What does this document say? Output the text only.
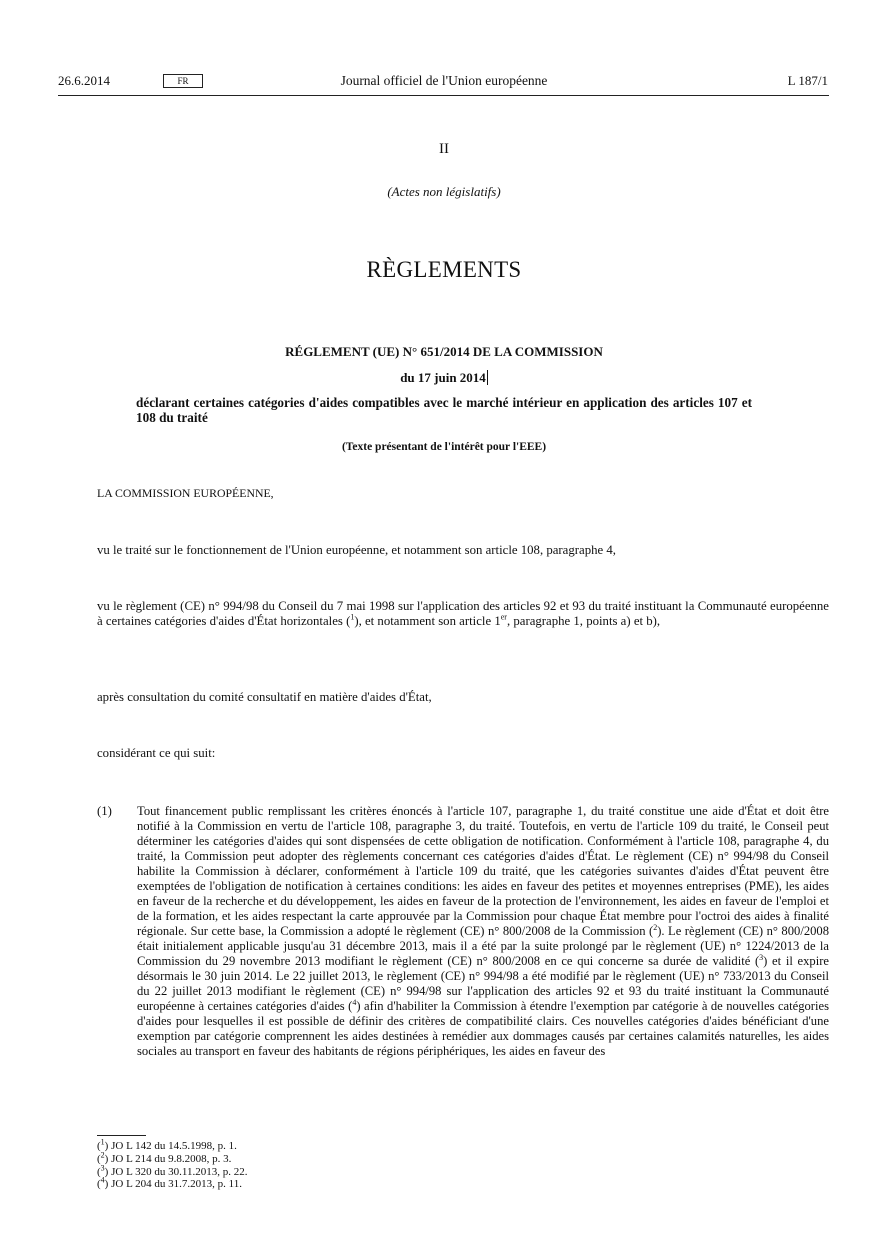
26.6.2014	FR	Journal officiel de l'Union européenne	L 187/1
II
(Actes non législatifs)
RÈGLEMENTS
RÉGLEMENT (UE) N° 651/2014 DE LA COMMISSION
du 17 juin 2014
déclarant certaines catégories d'aides compatibles avec le marché intérieur en application des articles 107 et 108 du traité
(Texte présentant de l'intérêt pour l'EEE)
LA COMMISSION EUROPÉENNE,
vu le traité sur le fonctionnement de l'Union européenne, et notamment son article 108, paragraphe 4,
vu le règlement (CE) n° 994/98 du Conseil du 7 mai 1998 sur l'application des articles 92 et 93 du traité instituant la Communauté européenne à certaines catégories d'aides d'État horizontales ($^1$), et notamment son article 1er, paragraphe 1, points a) et b),
après consultation du comité consultatif en matière d'aides d'État,
considérant ce qui suit:
(1) Tout financement public remplissant les critères énoncés à l'article 107, paragraphe 1, du traité constitue une aide d'État et doit être notifié à la Commission en vertu de l'article 108, paragraphe 3, du traité. Toutefois, en vertu de l'article 109 du traité, le Conseil peut déterminer les catégories d'aides qui sont dispensées de cette obligation de notification. Conformément à l'article 108, paragraphe 4, du traité, la Commission peut adopter des règlements concernant ces catégories d'aides d'État. Le règlement (CE) n° 994/98 du Conseil habilite la Commission à déclarer, conformément à l'article 109 du traité, que les catégories suivantes d'aides d'État peuvent être exemptées de l'obligation de notification à certaines conditions: les aides en faveur des petites et moyennes entreprises (PME), les aides en faveur de la recherche et du développement, les aides en faveur de la protection de l'environnement, les aides en faveur de l'emploi et de la formation, et les aides respectant la carte approuvée par la Commission pour chaque État membre pour l'octroi des aides à finalité régionale. Sur cette base, la Commission a adopté le règlement (CE) n° 800/2008 de la Commission ($^2$). Le règlement (CE) n° 800/2008 était initialement applicable jusqu'au 31 décembre 2013, mais il a été par la suite prolongé par le règlement (UE) n° 1224/2013 de la Commission du 29 novembre 2013 modifiant le règlement (CE) n° 800/2008 en ce qui concerne sa durée de validité ($^3$) et il expire désormais le 30 juin 2014. Le 22 juillet 2013, le règlement (CE) n° 994/98 a été modifié par le règlement (UE) n° 733/2013 du Conseil du 22 juillet 2013 modifiant le règlement (CE) n° 994/98 sur l'application des articles 92 et 93 du traité instituant la Communauté européenne à certaines catégories d'aides ($^4$) afin d'habiliter la Commission à étendre l'exemption par catégorie à de nouvelles catégories d'aides pour lesquelles il est possible de définir des critères de compatibilité clairs. Ces nouvelles catégories d'aides bénéficiant d'une exemption par catégorie comprennent les aides destinées à remédier aux dommages causés par certaines calamités naturelles, les aides sociales au transport en faveur des habitants de régions périphériques, les aides en faveur des
($^1$) JO L 142 du 14.5.1998, p. 1.
($^2$) JO L 214 du 9.8.2008, p. 3.
($^3$) JO L 320 du 30.11.2013, p. 22.
($^4$) JO L 204 du 31.7.2013, p. 11.
